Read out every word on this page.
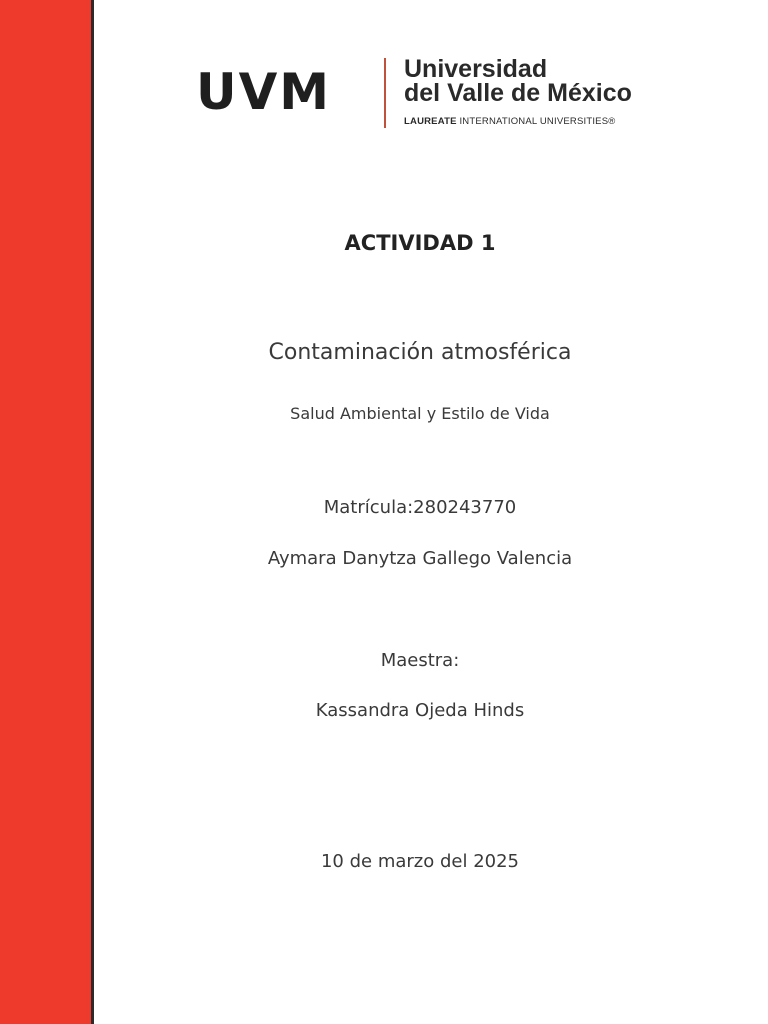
UVM	Universidad
del Valle de México
LAUREATE INTERNATIONAL UNIVERSITIES®
ACTIVIDAD 1
Contaminación atmosférica
Salud Ambiental y Estilo de Vida
Matrícula:280243770
Aymara Danytza Gallego Valencia
Maestra:
Kassandra Ojeda Hinds
10 de marzo del 2025
